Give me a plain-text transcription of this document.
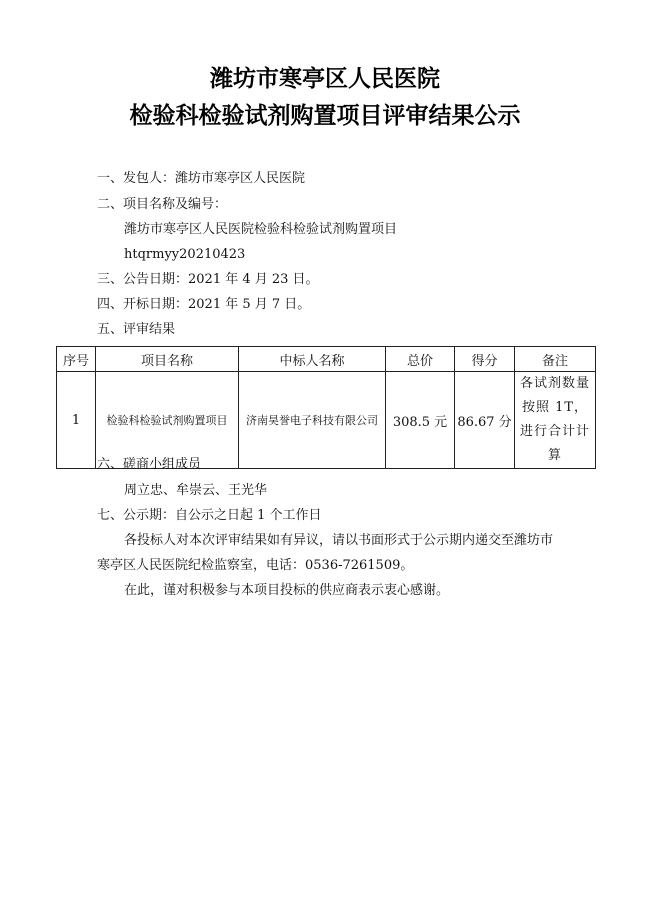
潍坊市寒亭区人民医院
检验科检验试剂购置项目评审结果公示
一、发包人：潍坊市寒亭区人民医院
二、项目名称及编号：
潍坊市寒亭区人民医院检验科检验试剂购置项目
htqrmyy20210423
三、公告日期：2021 年 4 月 23 日。
四、开标日期：2021 年 5 月 7 日。
五、评审结果
序号	项目名称	中标人名称	总价	得分	备注
1	检验科检验试剂购置项目	济南昊誉电子科技有限公司	308.5 元	86.67 分	各试剂数量按照 1T，进行合计计算
六、磋商小组成员
周立忠、牟崇云、王光华
七、公示期：自公示之日起 1 个工作日
各投标人对本次评审结果如有异议，请以书面形式于公示期内递交至潍坊市
寒亭区人民医院纪检监察室，电话：0536-7261509。
在此，谨对积极参与本项目投标的供应商表示衷心感谢。
